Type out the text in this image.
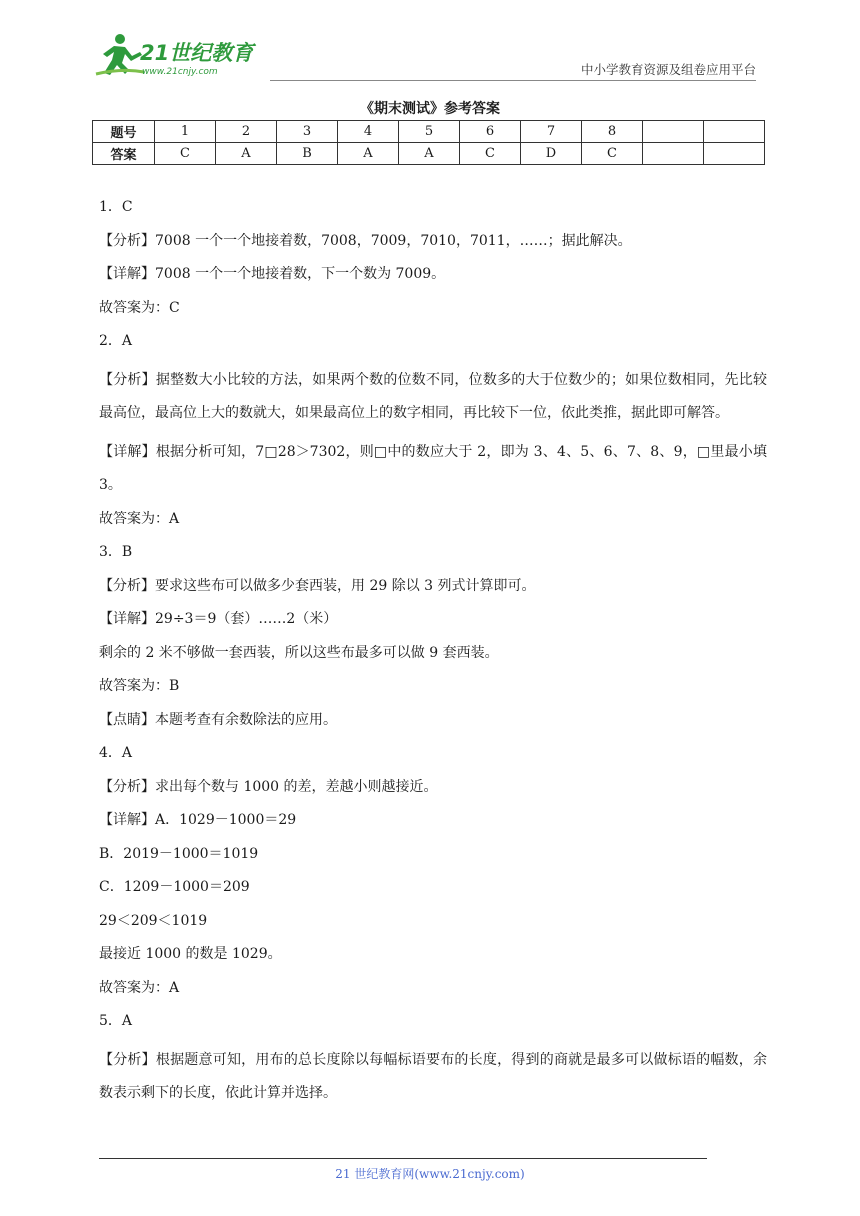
21世纪教育
www.21cnjy.com	中小学教育资源及组卷应用平台
《期末测试》参考答案
题号	1	2	3	4	5	6	7	8		
答案	C	A	B	A	A	C	D	C		

1．C

【分析】7008 一个一个地接着数，7008，7009，7010，7011，……；据此解决。

【详解】7008 一个一个地接着数，下一个数为 7009。

故答案为：C

2．A

【分析】据整数大小比较的方法，如果两个数的位数不同，位数多的大于位数少的；如果位数相同，先比较最高位，最高位上大的数就大，如果最高位上的数字相同，再比较下一位，依此类推，据此即可解答。

【详解】根据分析可知，7□28＞7302，则□中的数应大于 2，即为 3、4、5、6、7、8、9，□里最小填 3。

故答案为：A

3．B

【分析】要求这些布可以做多少套西装，用 29 除以 3 列式计算即可。

【详解】29÷3＝9（套）……2（米）

剩余的 2 米不够做一套西装，所以这些布最多可以做 9 套西装。

故答案为：B

【点睛】本题考查有余数除法的应用。

4．A

【分析】求出每个数与 1000 的差，差越小则越接近。

【详解】A．1029－1000＝29

B．2019－1000＝1019

C．1209－1000＝209

29＜209＜1019

最接近 1000 的数是 1029。

故答案为：A

5．A

【分析】根据题意可知，用布的总长度除以每幅标语要布的长度，得到的商就是最多可以做标语的幅数，余数表示剩下的长度，依此计算并选择。

21 世纪教育网(www.21cnjy.com)
